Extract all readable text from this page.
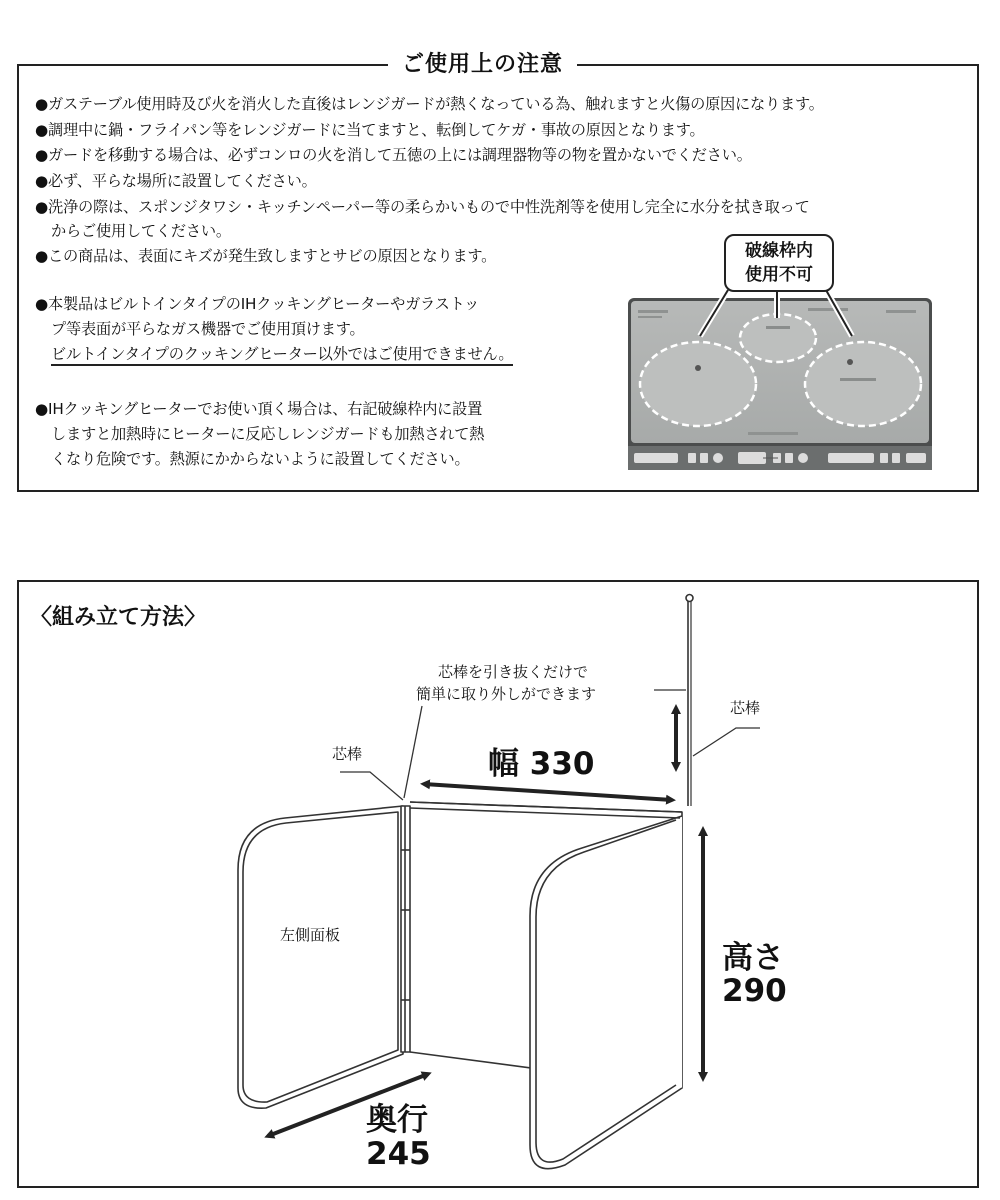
ご使用上の注意
●ガステーブル使用時及び火を消火した直後はレンジガードが熱くなっている為、触れますと火傷の原因になります。
●調理中に鍋・フライパン等をレンジガードに当てますと、転倒してケガ・事故の原因となります。
●ガードを移動する場合は、必ずコンロの火を消して五徳の上には調理器物等の物を置かないでください。
●必ず、平らな場所に設置してください。
●洗浄の際は、スポンジタワシ・キッチンペーパー等の柔らかいもので中性洗剤等を使用し完全に水分を拭き取って
からご使用してください。
●この商品は、表面にキズが発生致しますとサビの原因となります。
●本製品はビルトインタイプのIHクッキングヒーターやガラストッ
プ等表面が平らなガス機器でご使用頂けます。
ビルトインタイプのクッキングヒーター以外ではご使用できません。
●IHクッキングヒーターでお使い頂く場合は、右記破線枠内に設置
しますと加熱時にヒーターに反応しレンジガードも加熱されて熱
くなり危険です。熱源にかからないように設置してください。
破線枠内
使用不可
〈組み立て方法〉
芯棒を引き抜くだけで
簡単に取り外しができます
芯棒
芯棒
幅 330
高さ
290
奥行
245
左側面板
